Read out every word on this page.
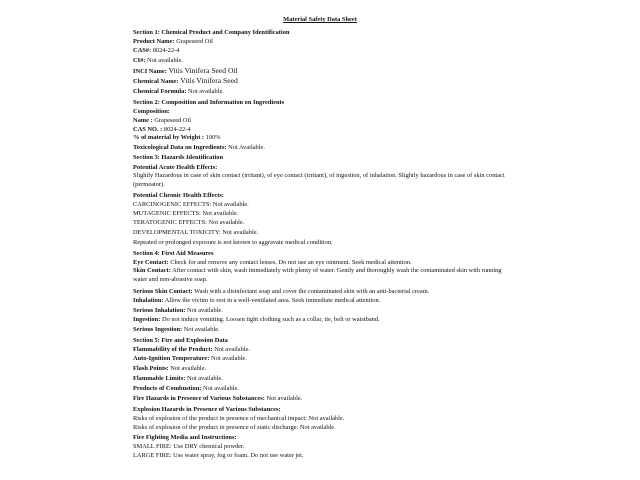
Material Safety Data Sheet
Section 1: Chemical Product and Company Identification
Product Name: Grapeseed Oil
CAS#: 8024-22-4
CI#: Not available.
INCI Name: Vitis Vinifera Seed Oil
Chemical Name: Vitis Vinifera Seed
Chemical Formula: Not available.
Section 2: Composition and Information on Ingredients
Composition:
Name : Grapeseed Oil
CAS NO. : 8024-22-4
% of material by Weight : 100%
Toxicological Data on Ingredients: Not Available.
Section 3: Hazards Identification
Potential Acute Health Effects:
Slightly Hazardous in case of skin contact (irritant), of eye contact (irritant), of ingestion, of inhalation. Slightly hazardous in case of skin contact (permeator).
Potential Chronic Health Effects:
CARCINOGENIC EFFECTS: Not available.
MUTAGENIC EFFECTS: Not available.
TERATOGENIC EFFECTS: Not available.
DEVELOPMENTAL TOXICITY: Not available.
Repeated or prolonged exposure is not known to aggravate medical condition.
Section 4: First Aid Measures
Eye Contact: Check for and remove any contact lenses. Do not use an eye ointment. Seek medical attention.
Skin Contact: After contact with skin, wash immediately with plenty of water. Gently and thoroughly wash the contaminated skin with running water and non-abrasive soap.
Serious Skin Contact: Wash with a disinfectant soap and cover the contaminated skin with an anti-bacterial cream.
Inhalation: Allow the victim to rest in a well-ventilated area. Seek immediate medical attention.
Serious Inhalation: Not available.
Ingestion: Do not induce vomiting. Loosen tight clothing such as a collar, tie, belt or waistband.
Serious Ingestion: Not available.
Section 5: Fire and Explosion Data
Flammability of the Product: Not available.
Auto-Ignition Temperature: Not available.
Flash Points: Not available.
Flammable Limits: Not available.
Products of Combustion: Not available.
Fire Hazards in Presence of Various Substances: Not available.
Explosion Hazards in Presence of Various Substances:
Risks of explosion of the product in presence of mechanical impact: Not available.
Risks of explosion of the product in presence of static discharge: Not available.
Fire Fighting Media and Instructions:
SMALL FIRE: Use DRY chemical powder.
LARGE FIRE: Use water spray, fog or foam. Do not use water jet.
